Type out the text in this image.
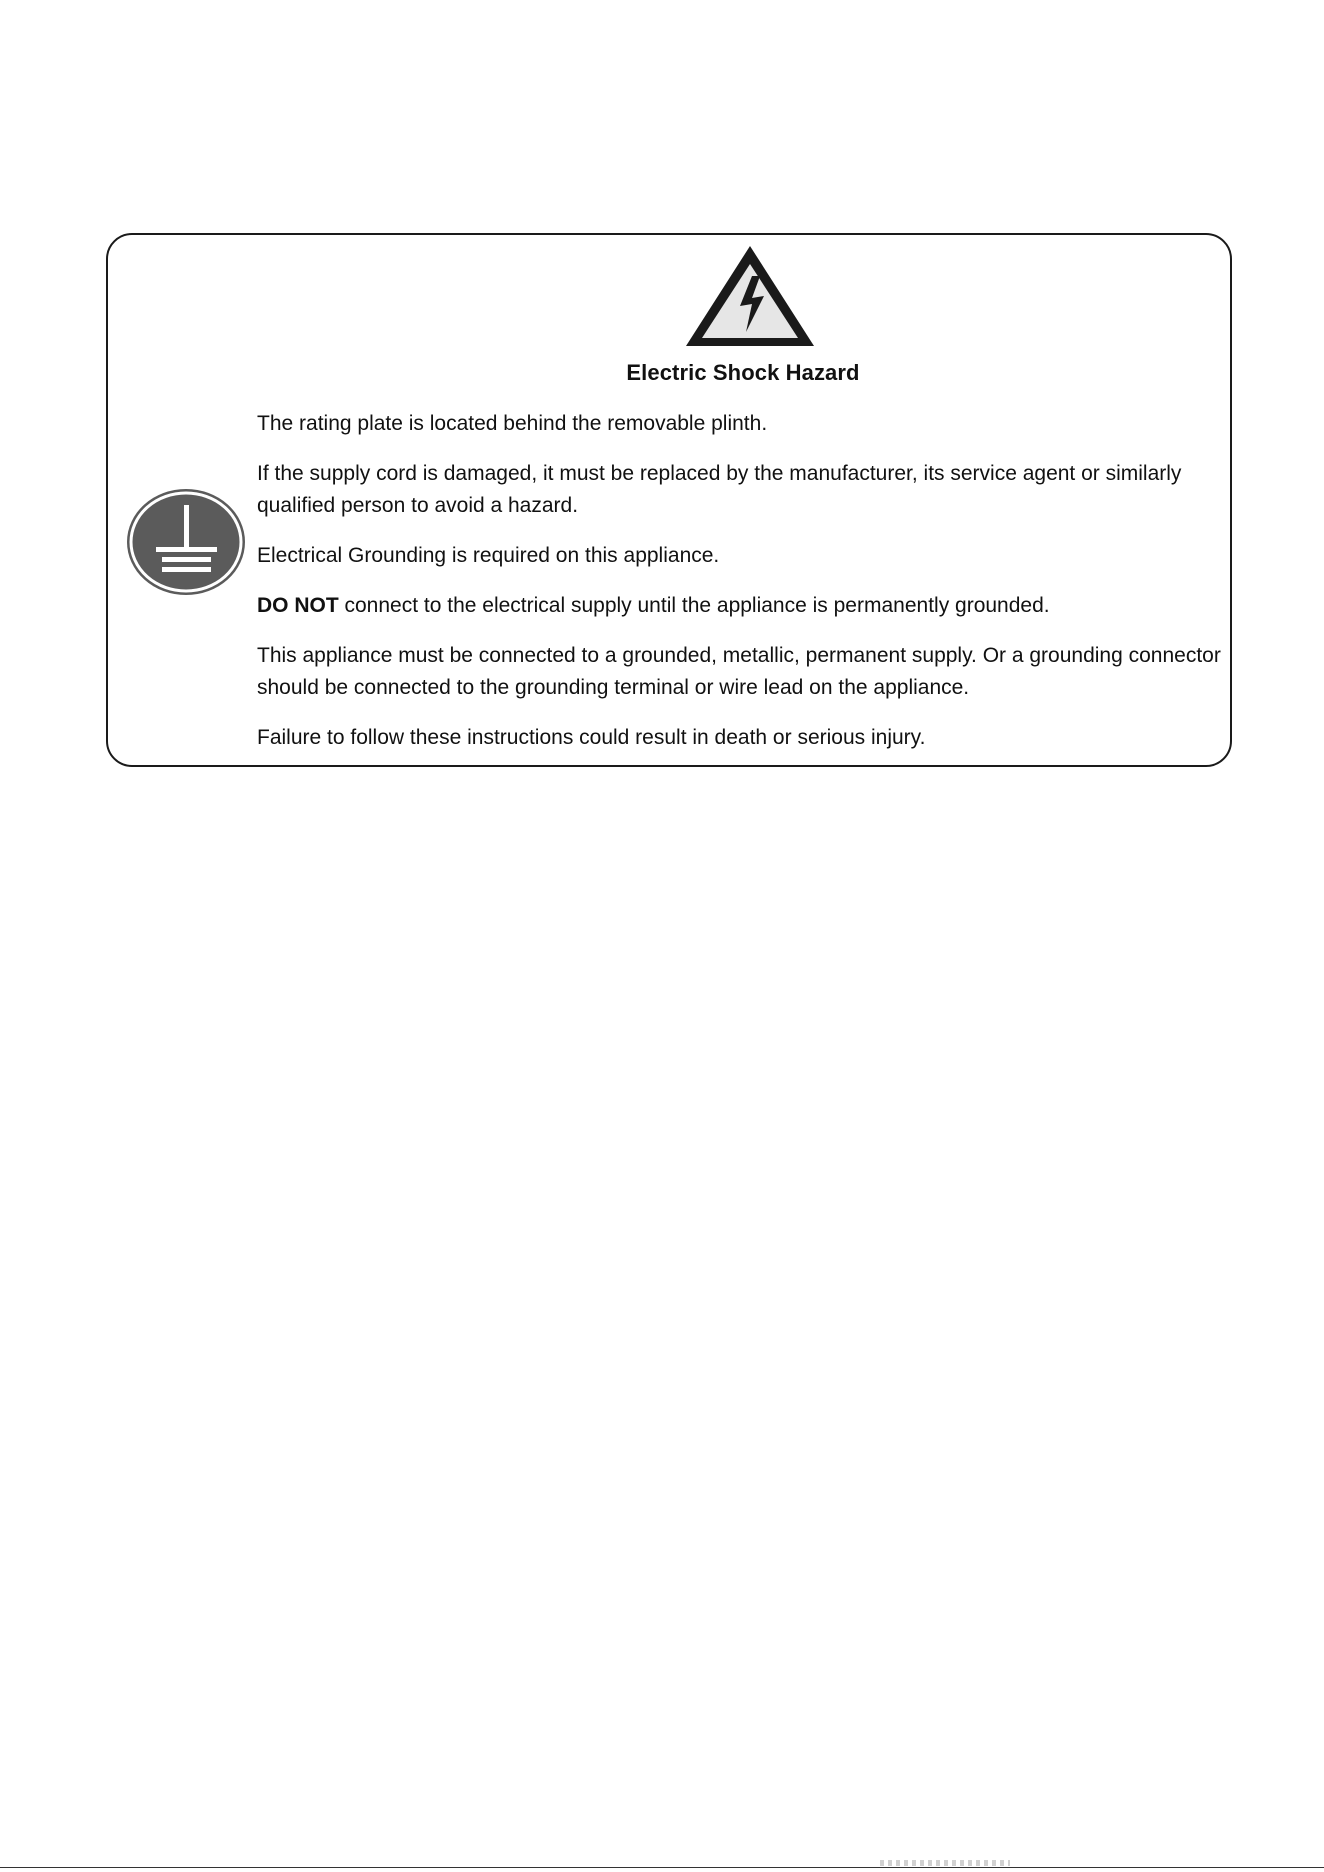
Electric Shock Hazard

The rating plate is located behind the removable plinth.

If the supply cord is damaged, it must be replaced by the manufacturer, its service agent or similarly qualified person to avoid a hazard.

Electrical Grounding is required on this appliance.

DO NOT connect to the electrical supply until the appliance is permanently grounded.

This appliance must be connected to a grounded, metallic, permanent supply. Or a grounding connector should be connected to the grounding terminal or wire lead on the appliance.

Failure to follow these instructions could result in death or serious injury.
